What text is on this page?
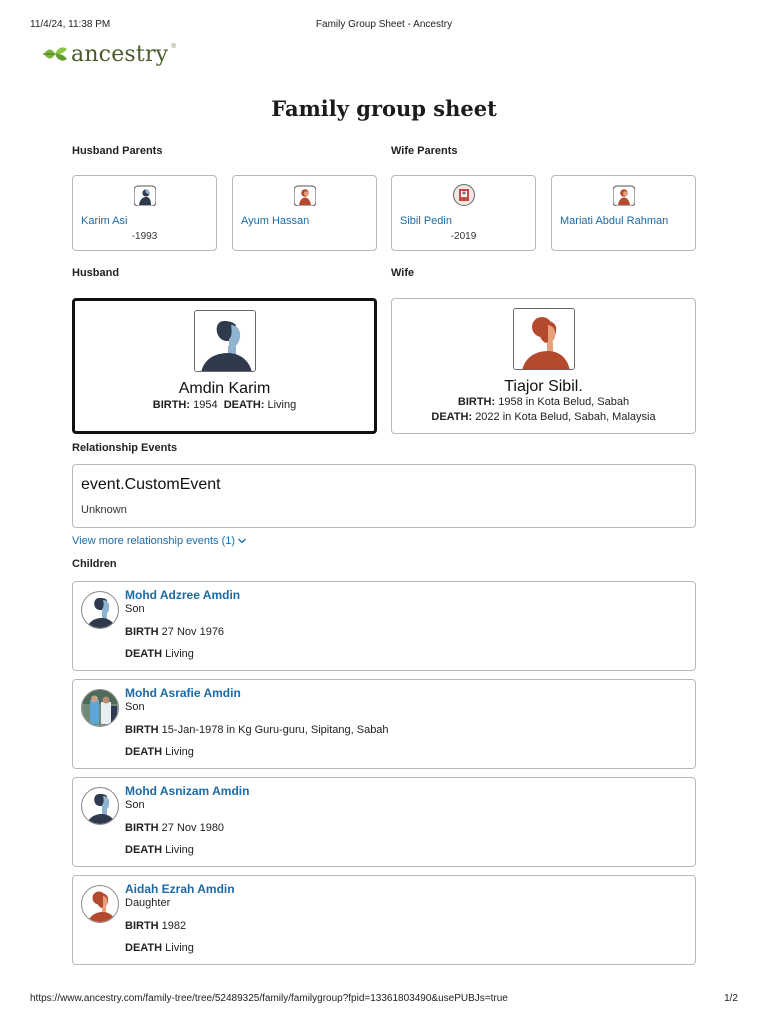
11/4/24, 11:38 PM	Family Group Sheet - Ancestry
ancestry ®
Family group sheet
Husband Parents	Wife Parents
Karim Asi
-1993
Ayum Hassan	Sibil Pedin
-2019
Mariati Abdul Rahman
Husband	Wife
Amdin Karim
BIRTH: 1954 DEATH: Living
Tiajor Sibil.
BIRTH: 1958 in Kota Belud, Sabah
DEATH: 2022 in Kota Belud, Sabah, Malaysia
Relationship Events
event.CustomEvent
Unknown
View more relationship events (1)
Children
Mohd Adzree Amdin
Son
BIRTH 27 Nov 1976
DEATH Living
Mohd Asrafie Amdin
Son
BIRTH 15-Jan-1978 in Kg Guru-guru, Sipitang, Sabah
DEATH Living
Mohd Asnizam Amdin
Son
BIRTH 27 Nov 1980
DEATH Living
Aidah Ezrah Amdin
Daughter
BIRTH 1982
DEATH Living
https://www.ancestry.com/family-tree/tree/52489325/family/familygroup?fpid=13361803490&usePUBJs=true	1/2
